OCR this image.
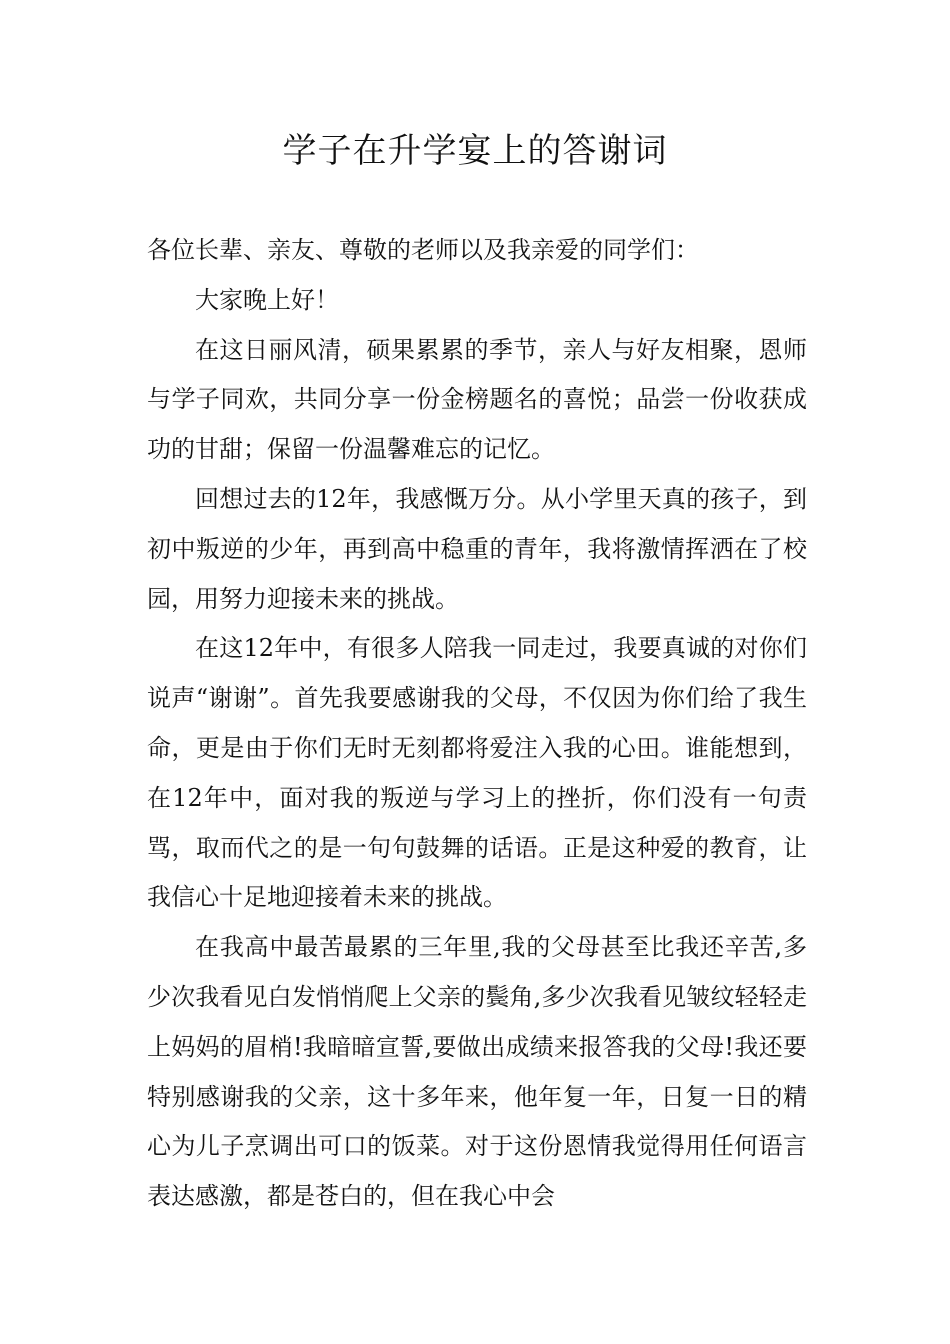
学子在升学宴上的答谢词

各位长辈、亲友、尊敬的老师以及我亲爱的同学们：

大家晚上好！

在这日丽风清，硕果累累的季节，亲人与好友相聚，恩师与学子同欢，共同分享一份金榜题名的喜悦；品尝一份收获成功的甘甜；保留一份温馨难忘的记忆。

回想过去的12年，我感慨万分。从小学里天真的孩子，到初中叛逆的少年，再到高中稳重的青年，我将激情挥洒在了校园，用努力迎接未来的挑战。

在这12年中，有很多人陪我一同走过，我要真诚的对你们说声“谢谢”。首先我要感谢我的父母，不仅因为你们给了我生命，更是由于你们无时无刻都将爱注入我的心田。谁能想到，在12年中，面对我的叛逆与学习上的挫折，你们没有一句责骂，取而代之的是一句句鼓舞的话语。正是这种爱的教育，让我信心十足地迎接着未来的挑战。

在我高中最苦最累的三年里,我的父母甚至比我还辛苦,多少次我看见白发悄悄爬上父亲的鬓角,多少次我看见皱纹轻轻走上妈妈的眉梢!我暗暗宣誓,要做出成绩来报答我的父母!我还要特别感谢我的父亲，这十多年来，他年复一年，日复一日的精心为儿子烹调出可口的饭菜。对于这份恩情我觉得用任何语言表达感激，都是苍白的，但在我心中会
